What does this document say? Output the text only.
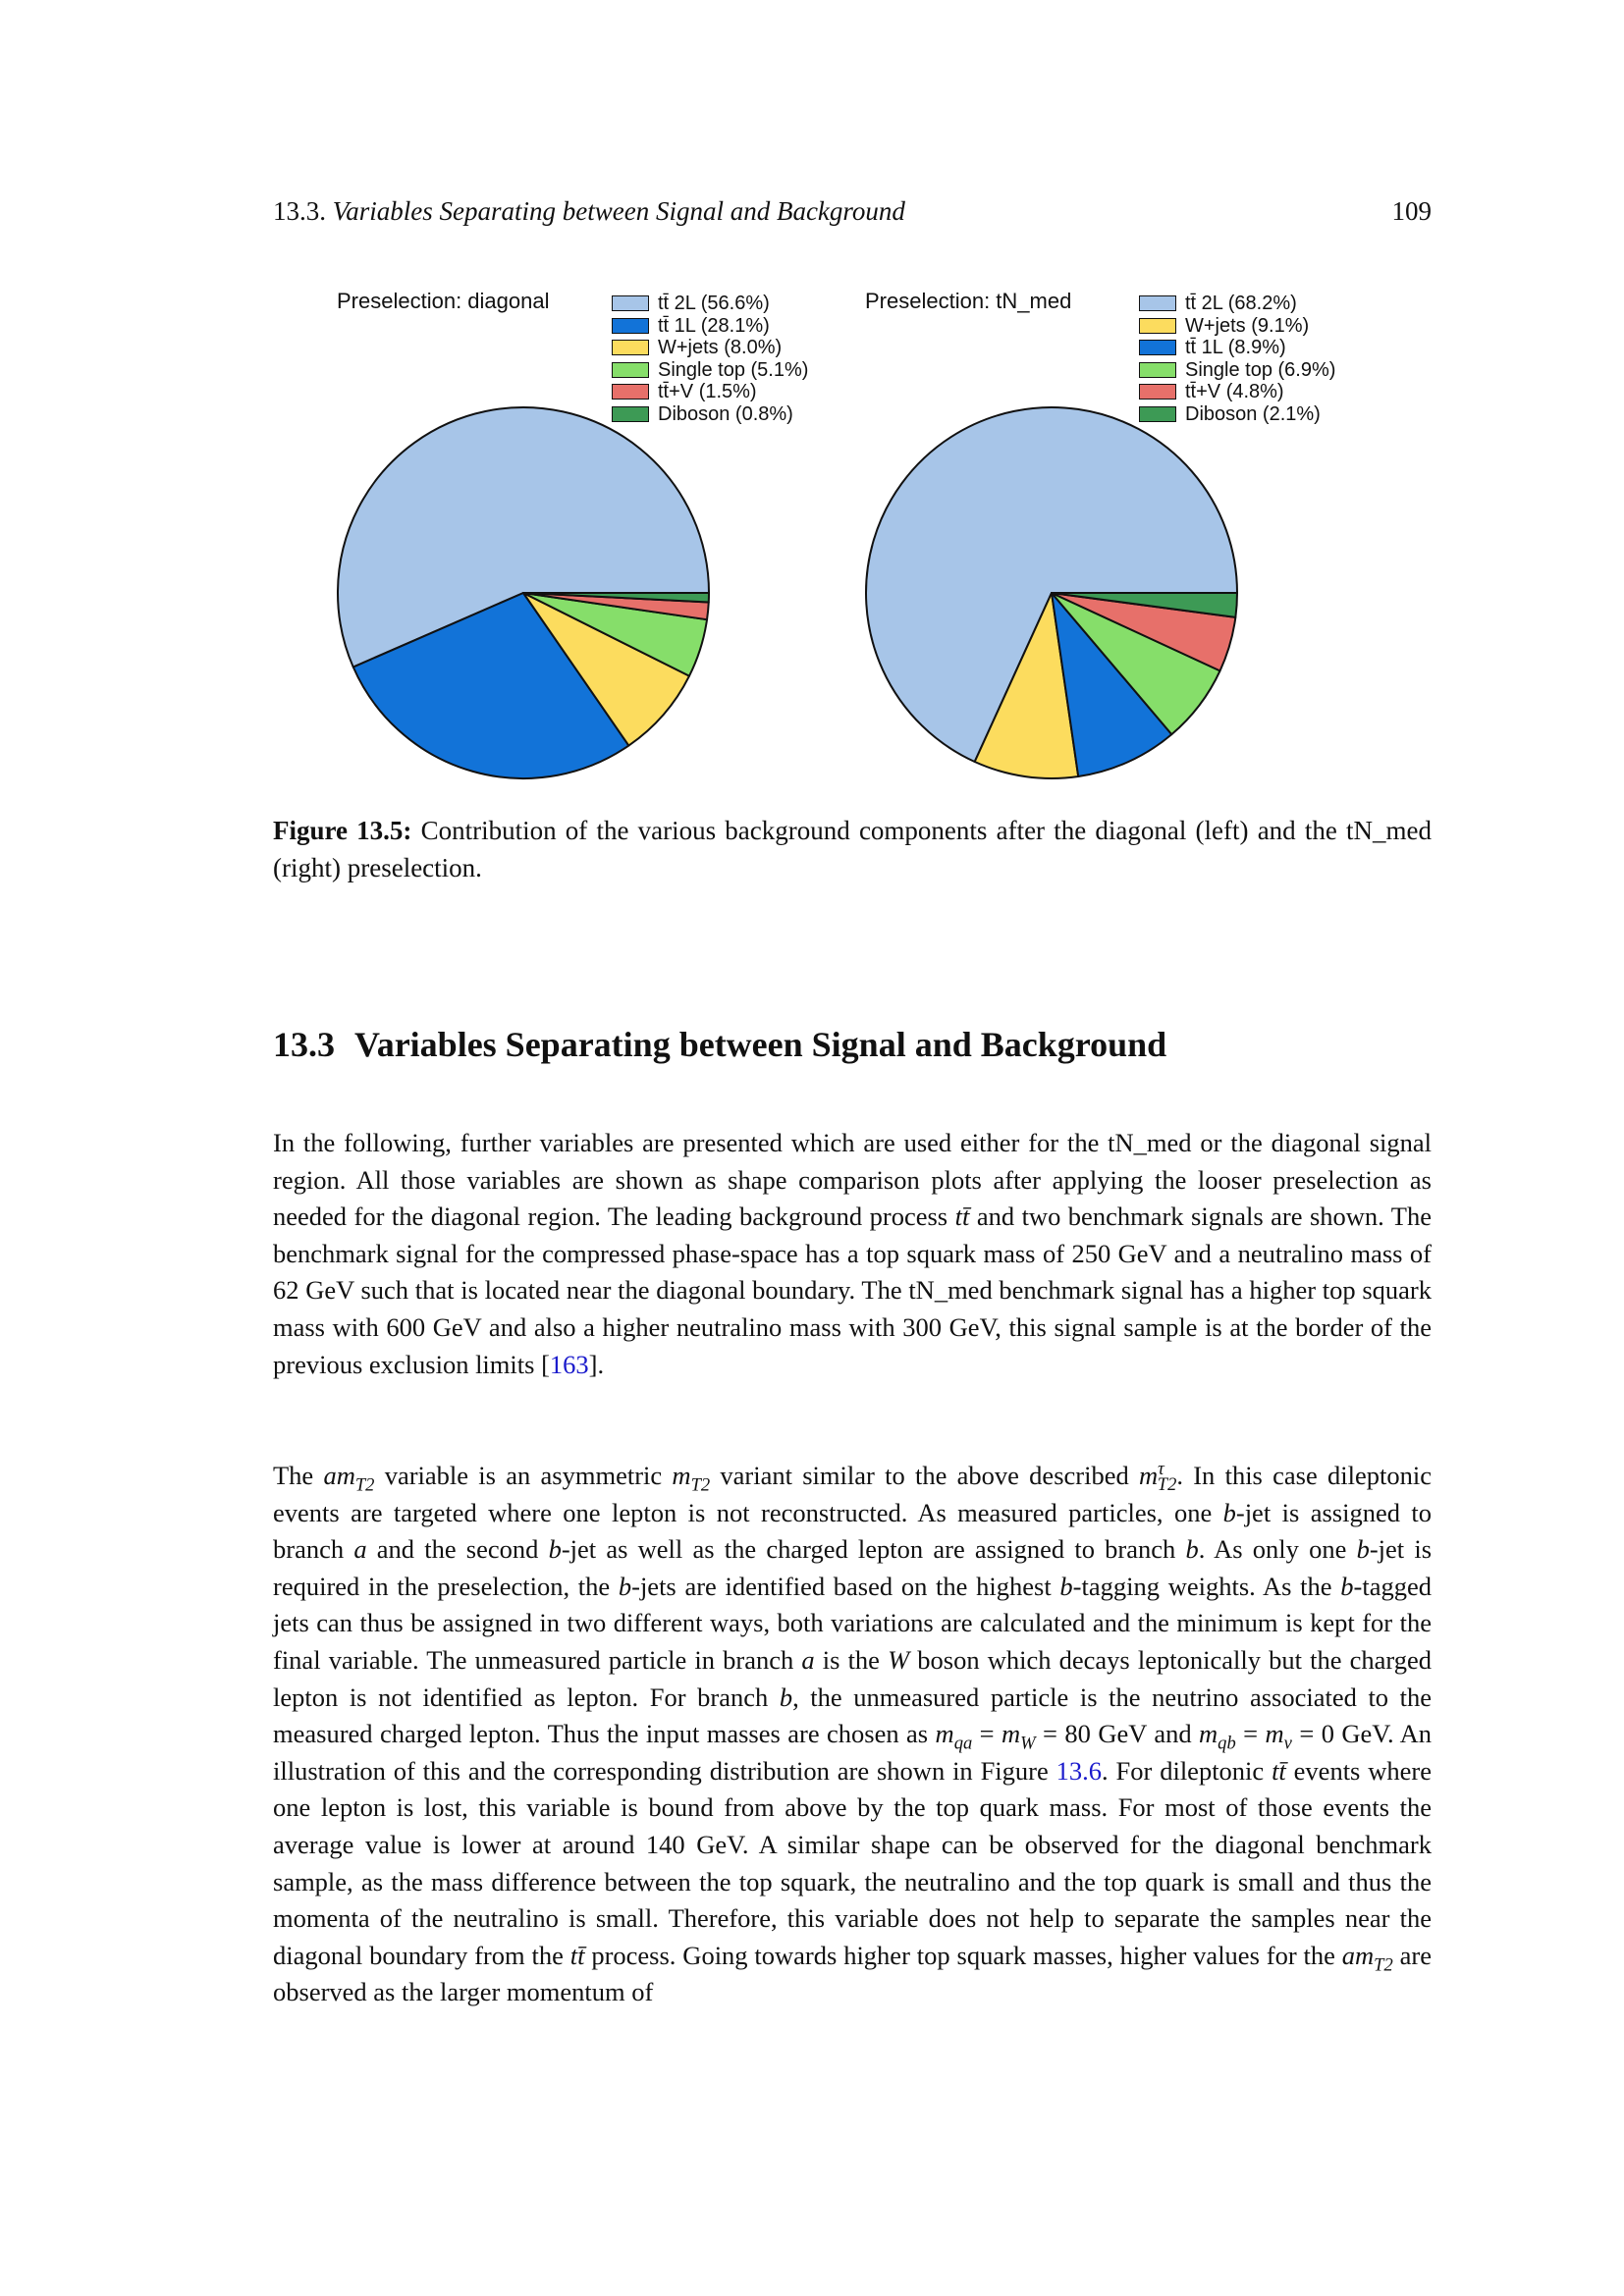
13.3. Variables Separating between Signal and Background	109
Preselection: diagonal	tt̄ 2L (56.6%)
tt̄ 1L (28.1%)
W+jets (8.0%)
Single top (5.1%)
tt̄+V (1.5%)
Diboson (0.8%)
Preselection: tN_med	tt̄ 2L (68.2%)
W+jets (9.1%)
tt̄ 1L (8.9%)
Single top (6.9%)
tt̄+V (4.8%)
Diboson (2.1%)
Figure 13.5: Contribution of the various background components after the diagonal (left) and the tN_med (right) preselection.
13.3 Variables Separating between Signal and Background
In the following, further variables are presented which are used either for the tN_med or the diagonal signal region. All those variables are shown as shape comparison plots after applying the looser preselection as needed for the diagonal region. The leading background process tt̄ and two benchmark signals are shown. The benchmark signal for the compressed phase-space has a top squark mass of 250 GeV and a neutralino mass of 62 GeV such that is located near the diagonal boundary. The tN_med benchmark signal has a higher top squark mass with 600 GeV and also a higher neutralino mass with 300 GeV, this signal sample is at the border of the previous exclusion limits [163].
The $am_{T2}$ variable is an asymmetric $m_{T2}$ variant similar to the above described $m^\tau_{T2}$. In this case dileptonic events are targeted where one lepton is not reconstructed. As measured particles, one b-jet is assigned to branch a and the second b-jet as well as the charged lepton are assigned to branch b. As only one b-jet is required in the preselection, the b-jets are identified based on the highest b-tagging weights. As the b-tagged jets can thus be assigned in two different ways, both variations are calculated and the minimum is kept for the final variable. The unmeasured particle in branch a is the W boson which decays leptonically but the charged lepton is not identified as lepton. For branch b, the unmeasured particle is the neutrino associated to the measured charged lepton. Thus the input masses are chosen as $m_{qa} = m_W = 80$ GeV and $m_{qb} = m_\nu = 0$ GeV. An illustration of this and the corresponding distribution are shown in Figure 13.6. For dileptonic tt̄ events where one lepton is lost, this variable is bound from above by the top quark mass. For most of those events the average value is lower at around 140 GeV. A similar shape can be observed for the diagonal benchmark sample, as the mass difference between the top squark, the neutralino and the top quark is small and thus the momenta of the neutralino is small. Therefore, this variable does not help to separate the samples near the diagonal boundary from the tt̄ process. Going towards higher top squark masses, higher values for the $am_{T2}$ are observed as the larger momentum of
